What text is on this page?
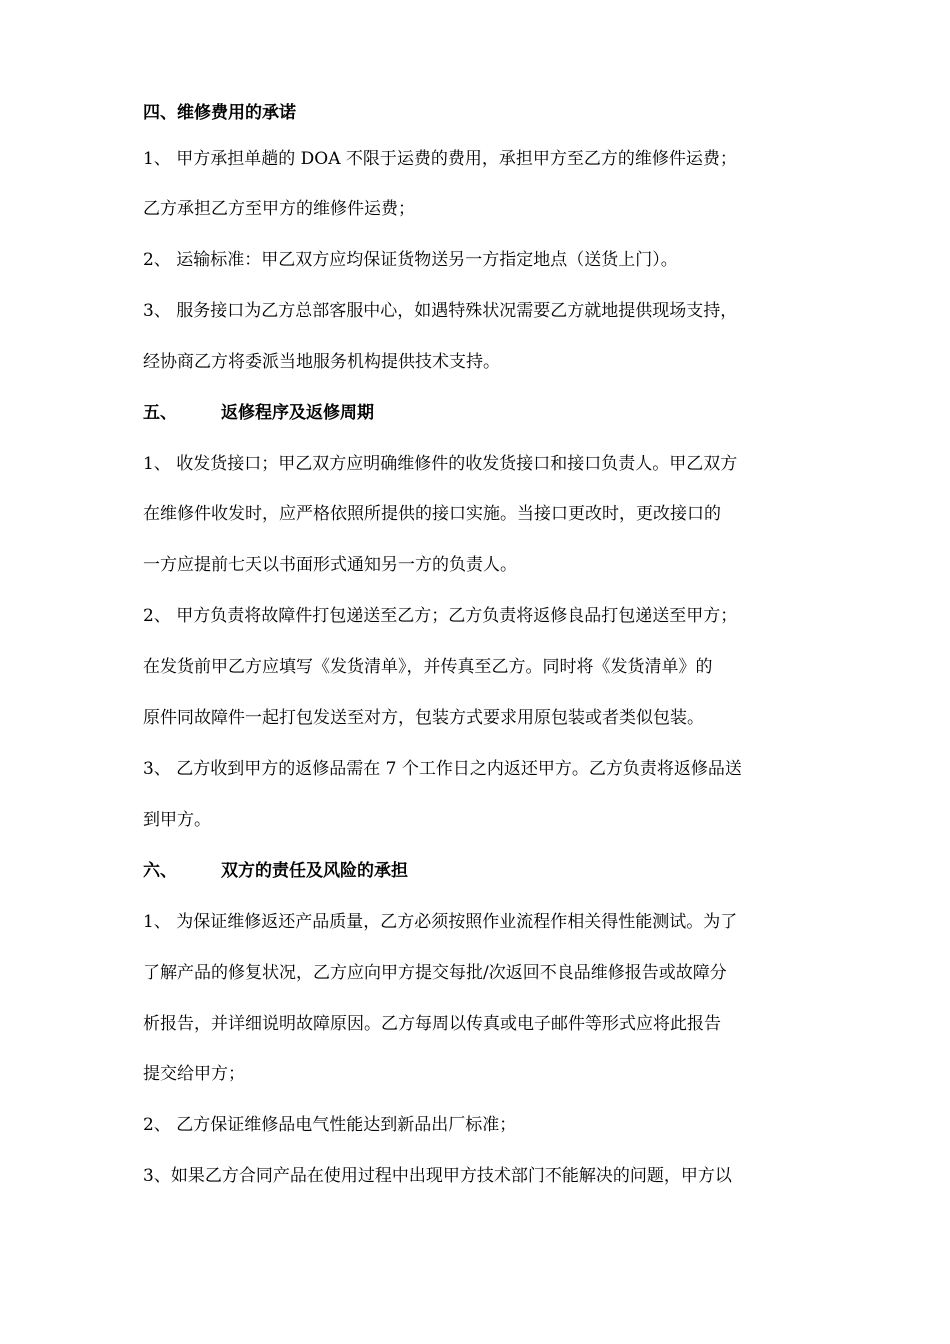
四、维修费用的承诺
1、 甲方承担单趟的 DOA 不限于运费的费用，承担甲方至乙方的维修件运费；
乙方承担乙方至甲方的维修件运费；
2、 运输标准：甲乙双方应均保证货物送另一方指定地点（送货上门）。
3、 服务接口为乙方总部客服中心，如遇特殊状况需要乙方就地提供现场支持，
经协商乙方将委派当地服务机构提供技术支持。
五、	返修程序及返修周期
1、 收发货接口；甲乙双方应明确维修件的收发货接口和接口负责人。甲乙双方
在维修件收发时，应严格依照所提供的接口实施。当接口更改时，更改接口的
一方应提前七天以书面形式通知另一方的负责人。
2、 甲方负责将故障件打包递送至乙方；乙方负责将返修良品打包递送至甲方；
在发货前甲乙方应填写《发货清单》，并传真至乙方。同时将《发货清单》的
原件同故障件一起打包发送至对方，包装方式要求用原包装或者类似包装。
3、 乙方收到甲方的返修品需在 7 个工作日之内返还甲方。乙方负责将返修品送
到甲方。
六、	双方的责任及风险的承担
1、 为保证维修返还产品质量，乙方必须按照作业流程作相关得性能测试。为了
了解产品的修复状况，乙方应向甲方提交每批/次返回不良品维修报告或故障分
析报告，并详细说明故障原因。乙方每周以传真或电子邮件等形式应将此报告
提交给甲方；
2、 乙方保证维修品电气性能达到新品出厂标准；
3、如果乙方合同产品在使用过程中出现甲方技术部门不能解决的问题，甲方以
